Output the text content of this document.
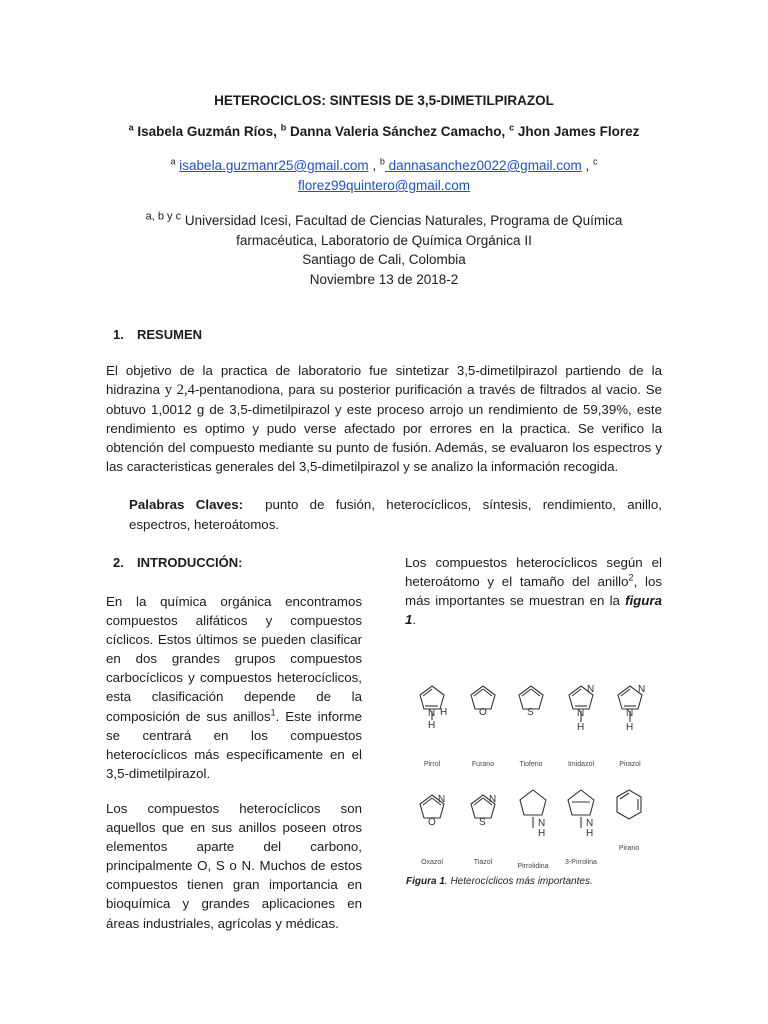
HETEROCICLOS: SINTESIS DE 3,5-DIMETILPIRAZOL
$^a$ Isabela Guzmán Ríos, $^b$ Danna Valeria Sánchez Camacho, $^c$ Jhon James Florez
$^a$ isabela.guzmanr25@gmail.com , $^b$ dannasanchez0022@gmail.com , $^c$
florez99quintero@gmail.com
$^{a, b y c}$ Universidad Icesi, Facultad de Ciencias Naturales, Programa de Química
farmacéutica, Laboratorio de Química Orgánica II
Santiago de Cali, Colombia
Noviembre 13 de 2018-2
1. RESUMEN
El objetivo de la practica de laboratorio fue sintetizar 3,5-dimetilpirazol partiendo de la hidrazina y 2,4-pentanodiona, para su posterior purificación a través de filtrados al vacio. Se obtuvo 1,0012 g de 3,5-dimetilpirazol y este proceso arrojo un rendimiento de 59,39%, este rendimiento es optimo y pudo verse afectado por errores en la practica. Se verifico la obtención del compuesto mediante su punto de fusión. Además, se evaluaron los espectros y las caracteristicas generales del 3,5-dimetilpirazol y se analizo la información recogida.
Palabras Claves: punto de fusión, heterocíclicos, síntesis, rendimiento, anillo, espectros, heteroátomos.
2. INTRODUCCIÓN:
En la química orgánica encontramos compuestos alifáticos y compuestos cíclicos. Estos últimos se pueden clasificar en dos grandes grupos compuestos carbocíclicos y compuestos heterocíclicos, esta clasificación depende de la composición de sus anillos$^1$. Este informe se centrará en los compuestos heterocíclicos más específicamente en el 3,5-dimetilpirazol.
Los compuestos heterocíclicos son aquellos que en sus anillos poseen otros elementos aparte del carbono, principalmente O, S o N. Muchos de estos compuestos tienen gran importancia en bioquímica y grandes aplicaciones en áreas industriales, agrícolas y médicas.
Los compuestos heterocíclicos según el heteroátomo y el tamaño del anillo$^2$, los más importantes se muestran en la figura 1.
N H
H
O	S
N
N
H
N
N
H
N
O
N
S	N
H
N
H
Pirrol	Furano	Tiofeno	Imidazol	Pirazol
Oxazol	Tiazol
Pirrolidina
3-Pirrolina
Pirano
Figura 1. Heterocíclicos más importantes.
